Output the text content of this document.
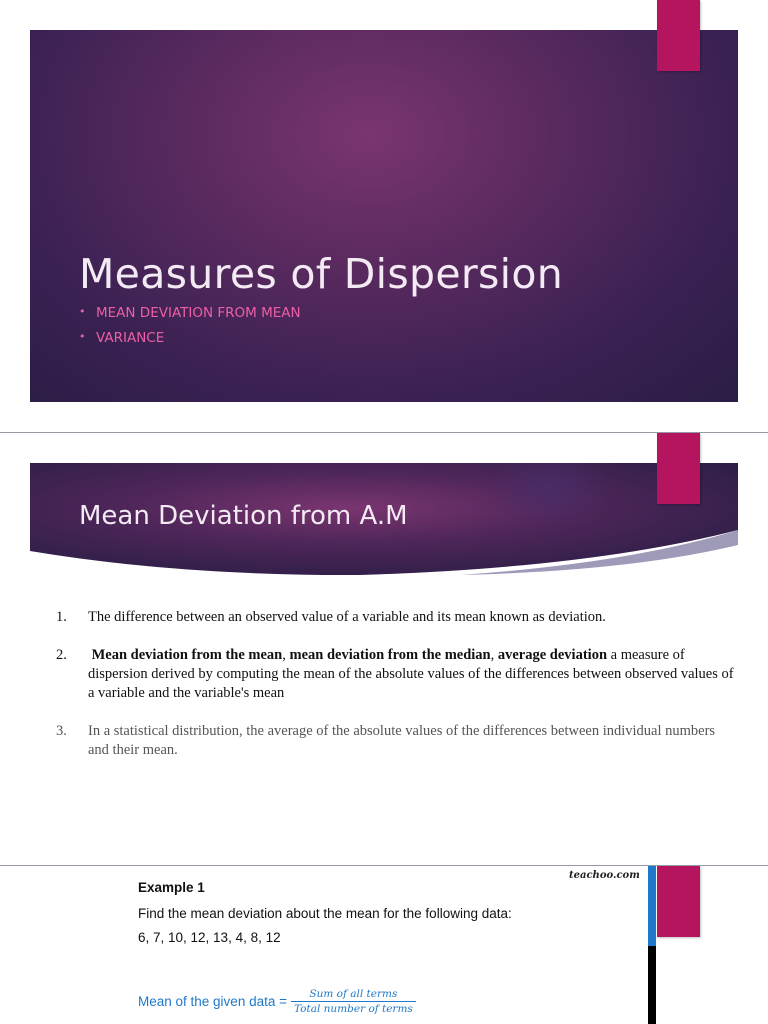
Measures of Dispersion
• MEAN DEVIATION FROM MEAN
• VARIANCE
Mean Deviation from A.M
1. The difference between an observed value of a variable and its mean known as deviation.
2. Mean deviation from the mean, mean deviation from the median, average deviation a measure of dispersion derived by computing the mean of the absolute values of the differences between observed values of a variable and the variable's mean
3. In a statistical distribution, the average of the absolute values of the differences between individual numbers and their mean.
teachoo.com
Example 1
Find the mean deviation about the mean for the following data:
6, 7, 10, 12, 13, 4, 8, 12
Mean of the given data = $\frac{\text{Sum of all terms}}{\text{Total number of terms}}$
